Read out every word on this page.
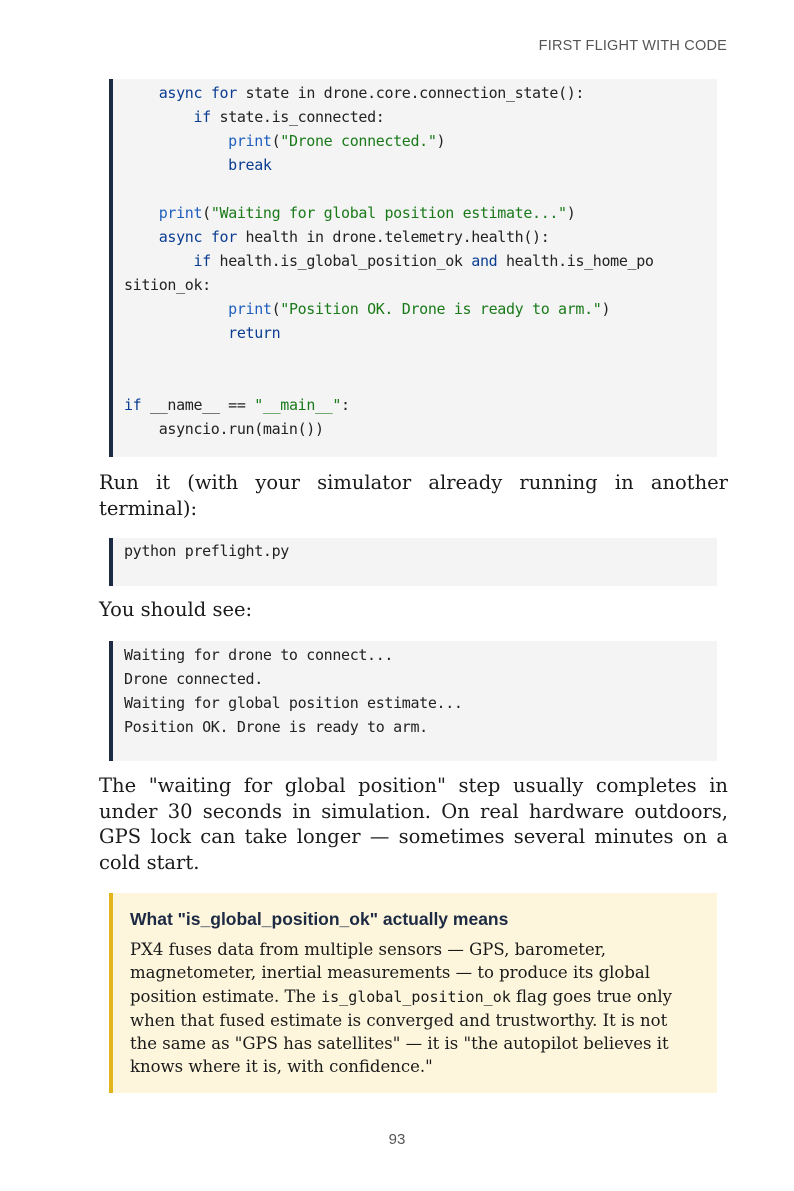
FIRST FLIGHT WITH CODE
async for state in drone.core.connection_state():
if state.is_connected:
print("Drone connected.")
break

print("Waiting for global position estimate...")
async for health in drone.telemetry.health():
if health.is_global_position_ok and health.is_home_po
sition_ok:
print("Position OK. Drone is ready to arm.")
return

if __name__ == "__main__":
asyncio.run(main())

Run it (with your simulator already running in another terminal):

python preflight.py

You should see:

Waiting for drone to connect...
Drone connected.
Waiting for global position estimate...
Position OK. Drone is ready to arm.

The "waiting for global position" step usually completes in under 30 seconds in simulation. On real hardware outdoors, GPS lock can take longer — sometimes several minutes on a cold start.

What "is_global_position_ok" actually means

PX4 fuses data from multiple sensors — GPS, barometer, magnetometer, inertial measurements — to produce its global position estimate. The is_global_position_ok flag goes true only when that fused estimate is converged and trustworthy. It is not the same as "GPS has satellites" — it is "the autopilot believes it knows where it is, with confidence."

93
